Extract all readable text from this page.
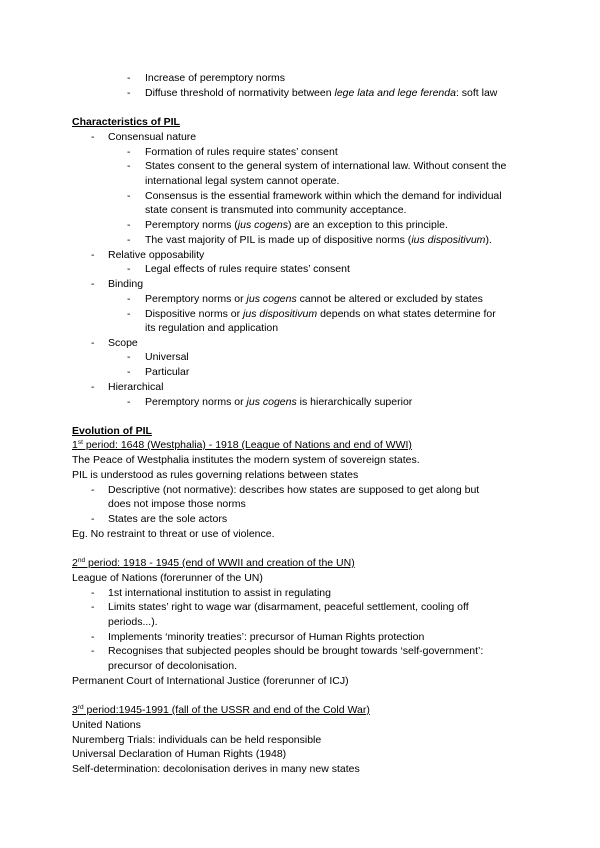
- Increase of peremptory norms
- Diffuse threshold of normativity between lege lata and lege ferenda: soft law
Characteristics of PIL
- Consensual nature
- Formation of rules require states’ consent
- States consent to the general system of international law. Without consent the
international legal system cannot operate.
- Consensus is the essential framework within which the demand for individual
state consent is transmuted into community acceptance.
- Peremptory norms (jus cogens) are an exception to this principle.
- The vast majority of PIL is made up of dispositive norms (ius dispositivum).
- Relative opposability
- Legal effects of rules require states’ consent
- Binding
- Peremptory norms or jus cogens cannot be altered or excluded by states
- Dispositive norms or jus dispositivum depends on what states determine for
its regulation and application
- Scope
- Universal
- Particular
- Hierarchical
- Peremptory norms or jus cogens is hierarchically superior
Evolution of PIL
1st period: 1648 (Westphalia) - 1918 (League of Nations and end of WWI)
The Peace of Westphalia institutes the modern system of sovereign states.
PIL is understood as rules governing relations between states
- Descriptive (not normative): describes how states are supposed to get along but
does not impose those norms
- States are the sole actors
Eg. No restraint to threat or use of violence.
2nd period: 1918 - 1945 (end of WWII and creation of the UN)
League of Nations (forerunner of the UN)
- 1st international institution to assist in regulating
- Limits states’ right to wage war (disarmament, peaceful settlement, cooling off
periods...).
- Implements ‘minority treaties’: precursor of Human Rights protection
- Recognises that subjected peoples should be brought towards ‘self-government’:
precursor of decolonisation.
Permanent Court of International Justice (forerunner of ICJ)
3rd period:1945-1991 (fall of the USSR and end of the Cold War)
United Nations
Nuremberg Trials: individuals can be held responsible
Universal Declaration of Human Rights (1948)
Self-determination: decolonisation derives in many new states
